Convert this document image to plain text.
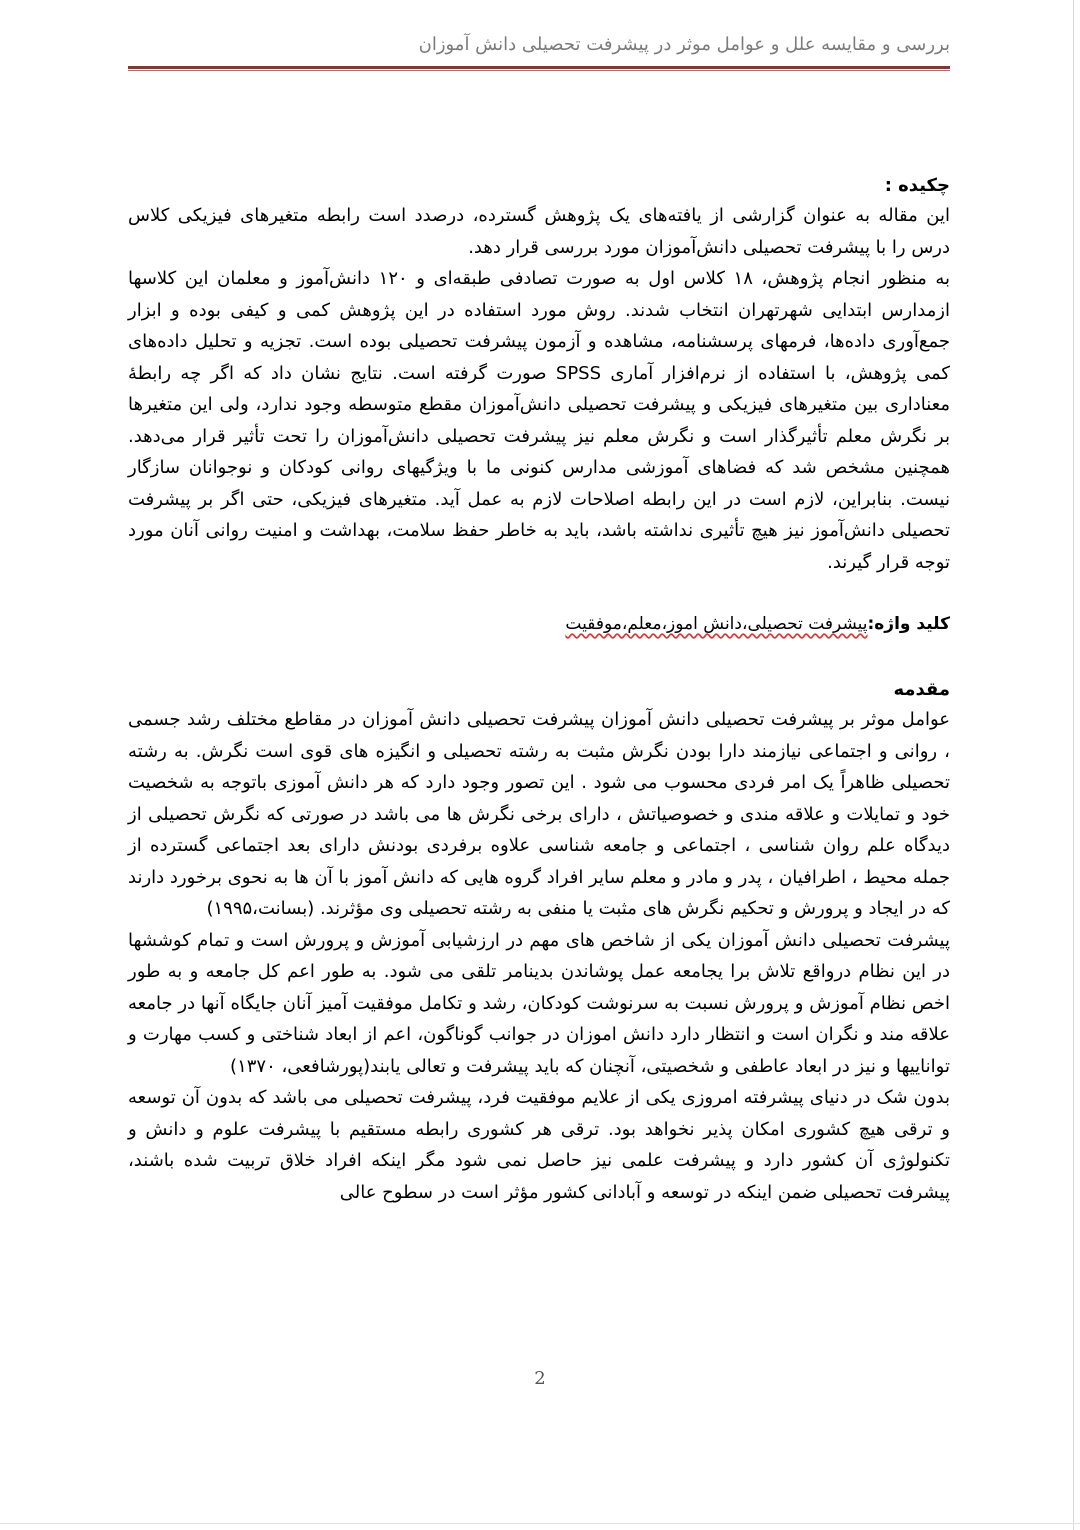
بررسی و مقایسه علل و عوامل موثر در پیشرفت تحصیلی دانش آموزان

چکیده :

این مقاله به عنوان گزارشی از یافته‌های یک پژوهش گسترده، درصدد است رابطه متغیرهای فیزیکی کلاس درس را با پیشرفت تحصیلی دانش‌آموزان مورد بررسی قرار دهد.

به منظور انجام پژوهش، ۱۸ کلاس اول به صورت تصادفی طبقه‌ای و ۱۲۰ دانش‌آموز و معلمان این کلاسها ازمدارس ابتدایی شهرتهران انتخاب شدند. روش مورد استفاده در این پژوهش کمی و کیفی بوده و ابزار جمع‌آوری داده‌ها، فرمهای پرسشنامه، مشاهده و آزمون پیشرفت تحصیلی بوده است. تجزیه و تحلیل داده‌های کمی پژوهش، با استفاده از نرم‌افزار آماری SPSS صورت گرفته است. نتایج نشان داد که اگر چه رابطهٔ معناداری بین متغیرهای فیزیکی و پیشرفت تحصیلی دانش‌آموزان مقطع متوسطه وجود ندارد، ولی این متغیرها بر نگرش معلم تأثیرگذار است و نگرش معلم نیز پیشرفت تحصیلی دانش‌آموزان را تحت تأثیر قرار می‌دهد. همچنین مشخص شد که فضاهای آموزشی مدارس کنونی ما با ویژگیهای روانی کودکان و نوجوانان سازگار نیست. بنابراین، لازم است در این رابطه اصلاحات لازم به عمل آید. متغیرهای فیزیکی، حتی اگر بر پیشرفت تحصیلی دانش‌آموز نیز هیچ تأثیری نداشته باشد، باید به خاطر حفظ سلامت، بهداشت و امنیت روانی آنان مورد توجه قرار گیرند.

کلید واژه:پیشرفت تحصیلی،دانش اموز،معلم،موفقیت

مقدمه

عوامل موثر بر پیشرفت تحصیلی دانش آموزان پیشرفت تحصیلی دانش آموزان در مقاطع مختلف رشد جسمی ، روانی و اجتماعی نیازمند دارا بودن نگرش مثبت به رشته تحصیلی و انگیزه های قوی است نگرش. به رشته تحصیلی ظاهراً یک امر فردی محسوب می شود . این تصور وجود دارد که هر دانش آموزی باتوجه به شخصیت خود و تمایلات و علاقه مندی و خصوصیاتش ، دارای برخی نگرش ها می باشد در صورتی که نگرش تحصیلی از دیدگاه علم روان شناسی ، اجتماعی و جامعه شناسی علاوه برفردی بودنش دارای بعد اجتماعی گسترده از جمله محیط ، اطرافیان ، پدر و مادر و معلم سایر افراد گروه هایی که دانش آموز با آن ها به نحوی برخورد دارند که در ایجاد و پرورش و تحکیم نگرش های مثبت یا منفی به رشته تحصیلی وی مؤثرند. (بسانت،۱۹۹۵)

پیشرفت تحصیلی دانش آموزان یکی از شاخص های مهم در ارزشیابی آموزش و پرورش است و تمام کوششها در این نظام درواقع تلاش برا یجامعه عمل پوشاندن بدینامر تلقی می شود. به طور اعم کل جامعه و به طور اخص نظام آموزش و پرورش نسبت به سرنوشت کودکان، رشد و تکامل موفقیت آمیز آنان جایگاه آنها در جامعه علاقه مند و نگران است و انتظار دارد دانش اموزان در جوانب گوناگون، اعم از ابعاد شناختی و کسب مهارت و تواناییها و نیز در ابعاد عاطفی و شخصیتی، آنچنان که باید پیشرفت و تعالی یابند(پورشافعی، ۱۳۷۰)

بدون شک در دنیای پیشرفته امروزی یکی از علایم موفقیت فرد، پیشرفت تحصیلی می باشد که بدون آن توسعه و ترقی هیچ کشوری امکان پذیر نخواهد بود. ترقی هر کشوری رابطه مستقیم با پیشرفت علوم و دانش و تکنولوژی آن کشور دارد و پیشرفت علمی نیز حاصل نمی شود مگر اینکه افراد خلاق تربیت شده باشند، پیشرفت تحصیلی ضمن اینکه در توسعه و آبادانی کشور مؤثر است در سطوح عالی

2
